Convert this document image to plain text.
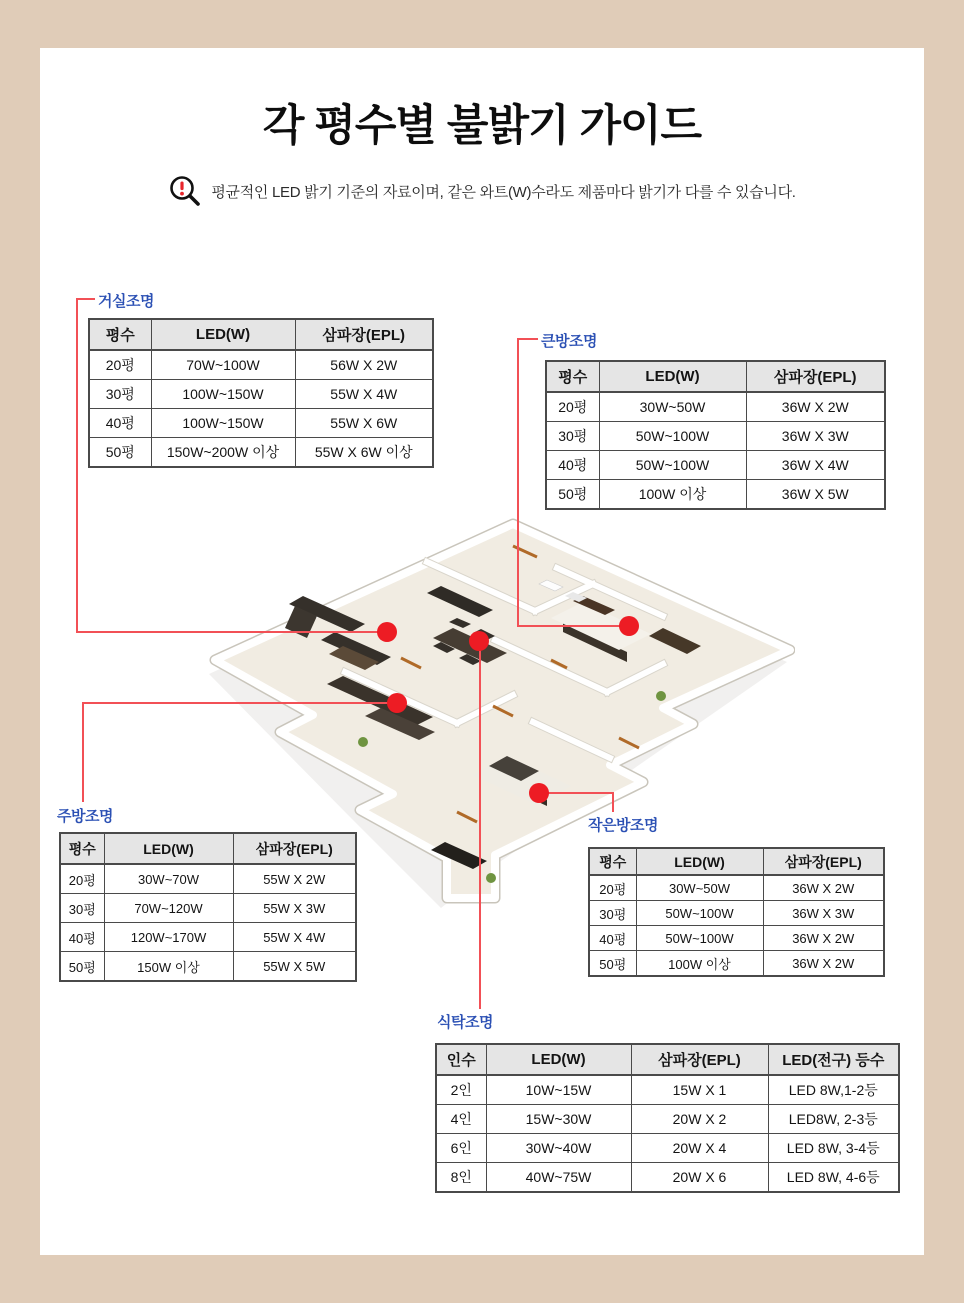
각 평수별 불밝기 가이드
평균적인 LED 밝기 기준의 자료이며, 같은 와트(W)수라도 제품마다 밝기가 다를 수 있습니다.
거실조명
평수	LED(W)	삼파장(EPL)
20평	70W~100W	56W X 2W
30평	100W~150W	55W X 4W
40평	100W~150W	55W X 6W
50평	150W~200W 이상	55W X 6W 이상
큰방조명
평수	LED(W)	삼파장(EPL)
20평	30W~50W	36W X 2W
30평	50W~100W	36W X 3W
40평	50W~100W	36W X 4W
50평	100W 이상	36W X 5W
주방조명
평수	LED(W)	삼파장(EPL)
20평	30W~70W	55W X 2W
30평	70W~120W	55W X 3W
40평	120W~170W	55W X 4W
50평	150W 이상	55W X 5W
작은방조명
평수	LED(W)	삼파장(EPL)
20평	30W~50W	36W X 2W
30평	50W~100W	36W X 3W
40평	50W~100W	36W X 2W
50평	100W 이상	36W X 2W
식탁조명
인수	LED(W)	삼파장(EPL)	LED(전구) 등수
2인	10W~15W	15W X 1	LED 8W,1-2등
4인	15W~30W	20W X 2	LED8W, 2-3등
6인	30W~40W	20W X 4	LED 8W, 3-4등
8인	40W~75W	20W X 6	LED 8W, 4-6등
